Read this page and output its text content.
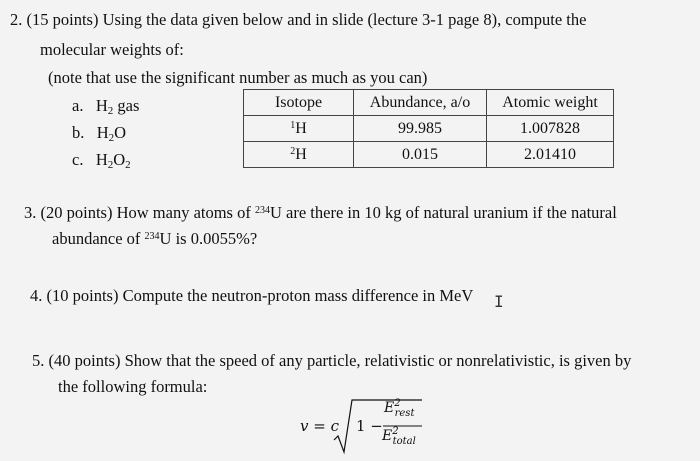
2. (15 points) Using the data given below and in slide (lecture 3-1 page 8), compute the
molecular weights of:
(note that use the significant number as much as you can)
a. $H_2$ gas
b. $H_2O$
c. $H_2O_2$
Isotope	Abundance, a/o	Atomic weight
$^1$H	99.985	1.007828
$^2$H	0.015	2.01410
3. (20 points) How many atoms of $^{234}$U are there in 10 kg of natural uranium if the natural
abundance of $^{234}$U is 0.0055%?
4. (10 points) Compute the neutron-proton mass difference in MeV I
5. (40 points) Show that the speed of any particle, relativistic or nonrelativistic, is given by
the following formula:
v = c 1 −
$E^2_{rest}$
$E^2_{total}$
